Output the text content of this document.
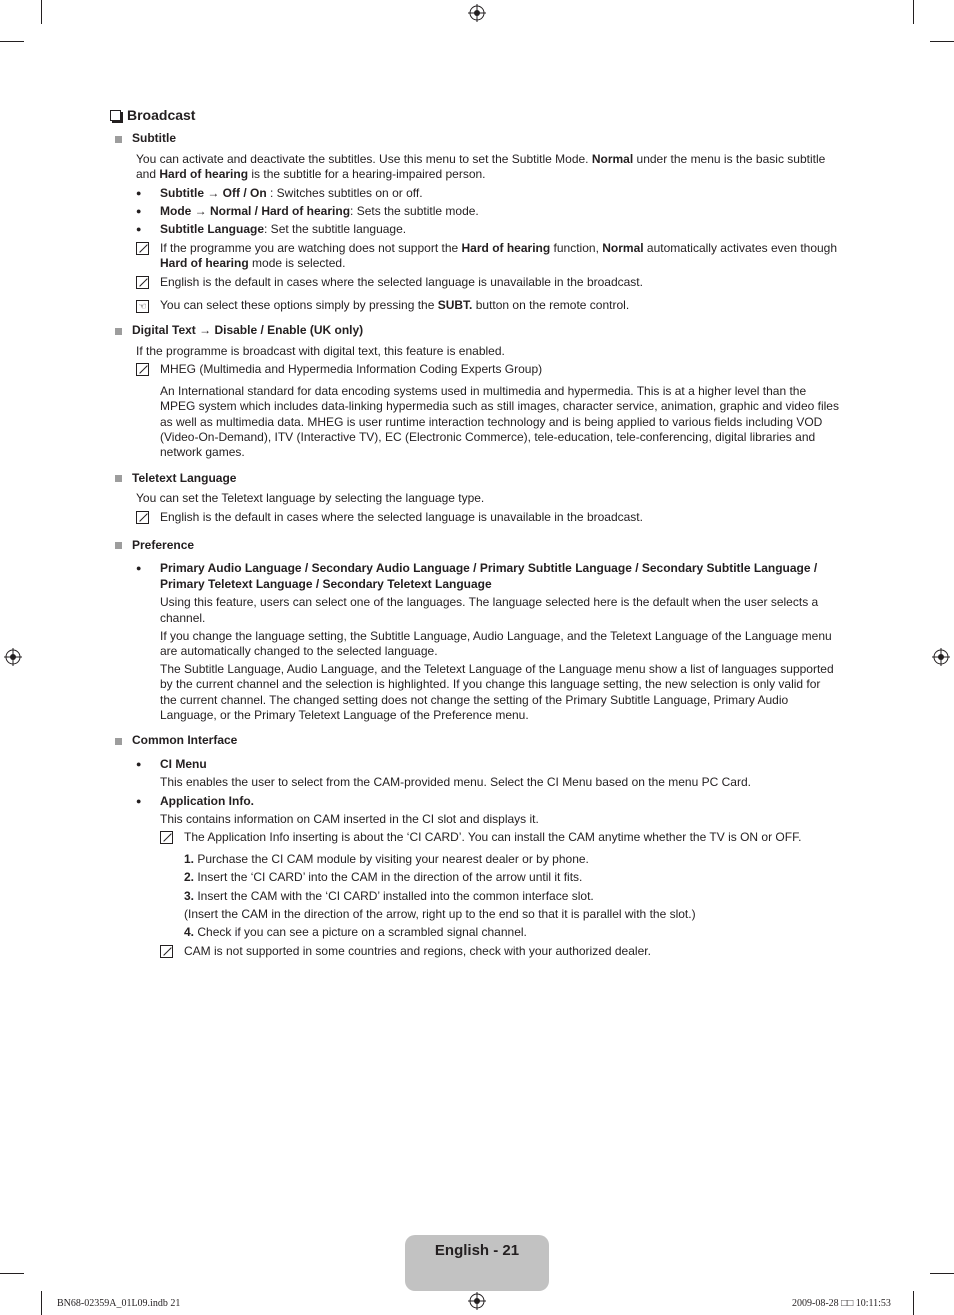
Broadcast
Subtitle

You can activate and deactivate the subtitles. Use this menu to set the Subtitle Mode. Normal under the menu is the basic subtitle and Hard of hearing is the subtitle for a hearing-impaired person.

●	Subtitle → Off / On : Switches subtitles on or off.
●	Mode → Normal / Hard of hearing: Sets the subtitle mode.
●	Subtitle Language: Set the subtitle language.
If the programme you are watching does not support the Hard of hearing function, Normal automatically activates even though Hard of hearing mode is selected.
English is the default in cases where the selected language is unavailable in the broadcast.
☜	You can select these options simply by pressing the SUBT. button on the remote control.
Digital Text → Disable / Enable (UK only)

If the programme is broadcast with digital text, this feature is enabled.

MHEG (Multimedia and Hypermedia Information Coding Experts Group)

An International standard for data encoding systems used in multimedia and hypermedia. This is at a higher level than the MPEG system which includes data-linking hypermedia such as still images, character service, animation, graphic and video files as well as multimedia data. MHEG is user runtime interaction technology and is being applied to various fields including VOD (Video-On-Demand), ITV (Interactive TV), EC (Electronic Commerce), tele-education, tele-conferencing, digital libraries and network games.

Teletext Language

You can set the Teletext language by selecting the language type.

English is the default in cases where the selected language is unavailable in the broadcast.
Preference
●	Primary Audio Language / Secondary Audio Language / Primary Subtitle Language / Secondary Subtitle Language / Primary Teletext Language / Secondary Teletext Language

Using this feature, users can select one of the languages. The language selected here is the default when the user selects a channel.

If you change the language setting, the Subtitle Language, Audio Language, and the Teletext Language of the Language menu are automatically changed to the selected language.

The Subtitle Language, Audio Language, and the Teletext Language of the Language menu show a list of languages supported by the current channel and the selection is highlighted. If you change this language setting, the new selection is only valid for the current channel. The changed setting does not change the setting of the Primary Subtitle Language, Primary Audio Language, or the Primary Teletext Language of the Preference menu.

Common Interface
●	CI Menu

This enables the user to select from the CAM-provided menu. Select the CI Menu based on the menu PC Card.

●	Application Info.

This contains information on CAM inserted in the CI slot and displays it.

The Application Info inserting is about the ‘CI CARD’. You can install the CAM anytime whether the TV is ON or OFF.

1. Purchase the CI CAM module by visiting your nearest dealer or by phone.

2. Insert the ‘CI CARD’ into the CAM in the direction of the arrow until it fits.

3. Insert the CAM with the ‘CI CARD’ installed into the common interface slot.

(Insert the CAM in the direction of the arrow, right up to the end so that it is parallel with the slot.)

4. Check if you can see a picture on a scrambled signal channel.

CAM is not supported in some countries and regions, check with your authorized dealer.
English - 21
BN68-02359A_01L09.indb 21	2009-08-28 □□ 10:11:53
